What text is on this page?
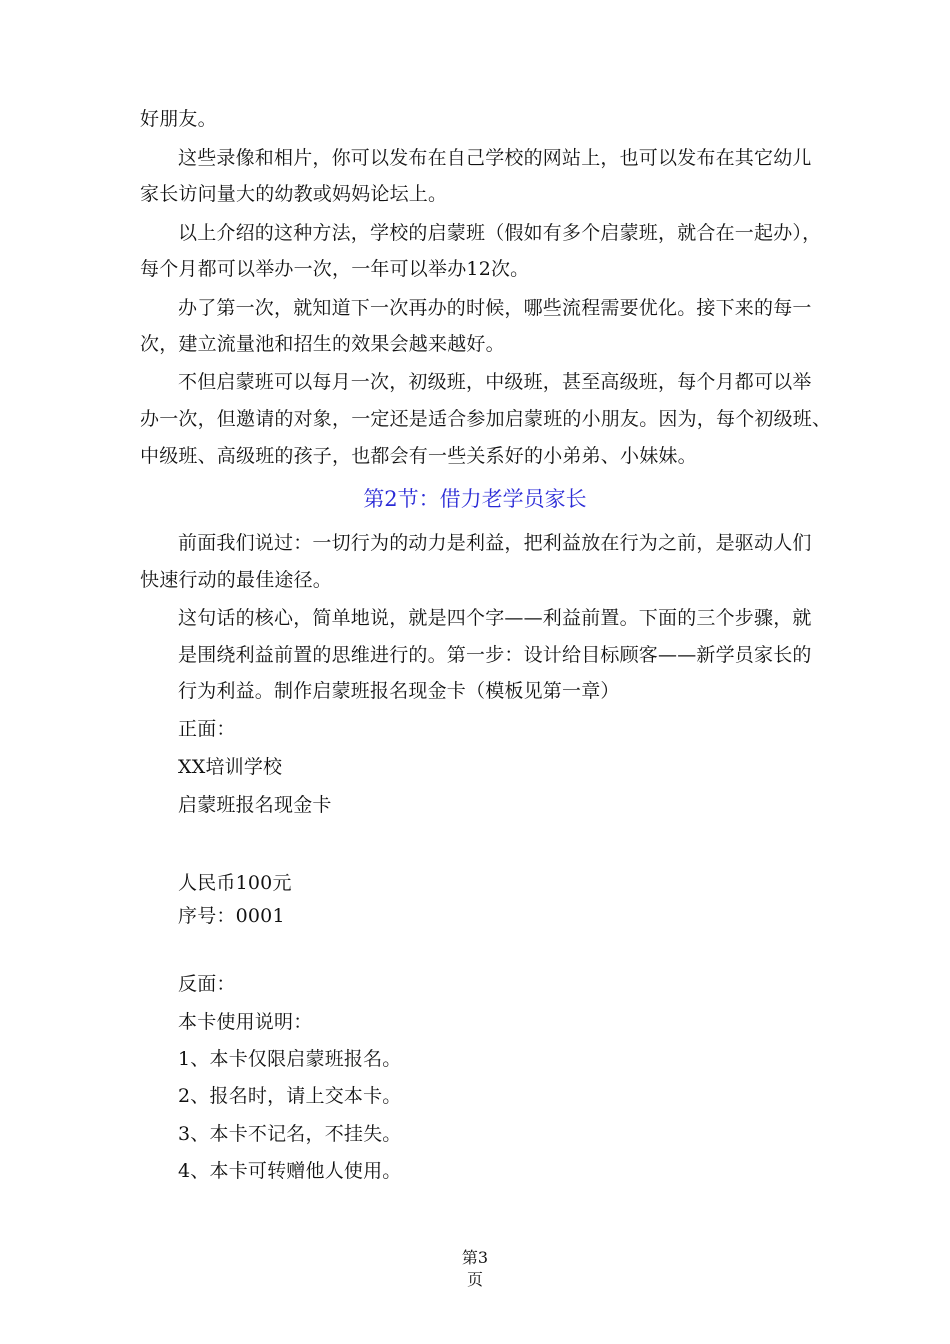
好朋友。
这些录像和相片，你可以发布在自己学校的网站上，也可以发布在其它幼儿
家长访问量大的幼教或妈妈论坛上。
以上介绍的这种方法，学校的启蒙班（假如有多个启蒙班，就合在一起办），
每个月都可以举办一次，一年可以举办12次。
办了第一次，就知道下一次再办的时候，哪些流程需要优化。接下来的每一
次，建立流量池和招生的效果会越来越好。
不但启蒙班可以每月一次，初级班，中级班，甚至高级班，每个月都可以举
办一次，但邀请的对象，一定还是适合参加启蒙班的小朋友。因为，每个初级班、
中级班、高级班的孩子，也都会有一些关系好的小弟弟、小妹妹。
第2节：借力老学员家长
前面我们说过：一切行为的动力是利益，把利益放在行为之前，是驱动人们
快速行动的最佳途径。
这句话的核心，简单地说，就是四个字——利益前置。下面的三个步骤，就
是围绕利益前置的思维进行的。第一步：设计给目标顾客——新学员家长的
行为利益。制作启蒙班报名现金卡（模板见第一章）
正面：
XX培训学校
启蒙班报名现金卡
人民币100元
序号：0001
反面：
本卡使用说明：
1、本卡仅限启蒙班报名。
2、报名时，请上交本卡。
3、本卡不记名，不挂失。
4、本卡可转赠他人使用。
第3
页
